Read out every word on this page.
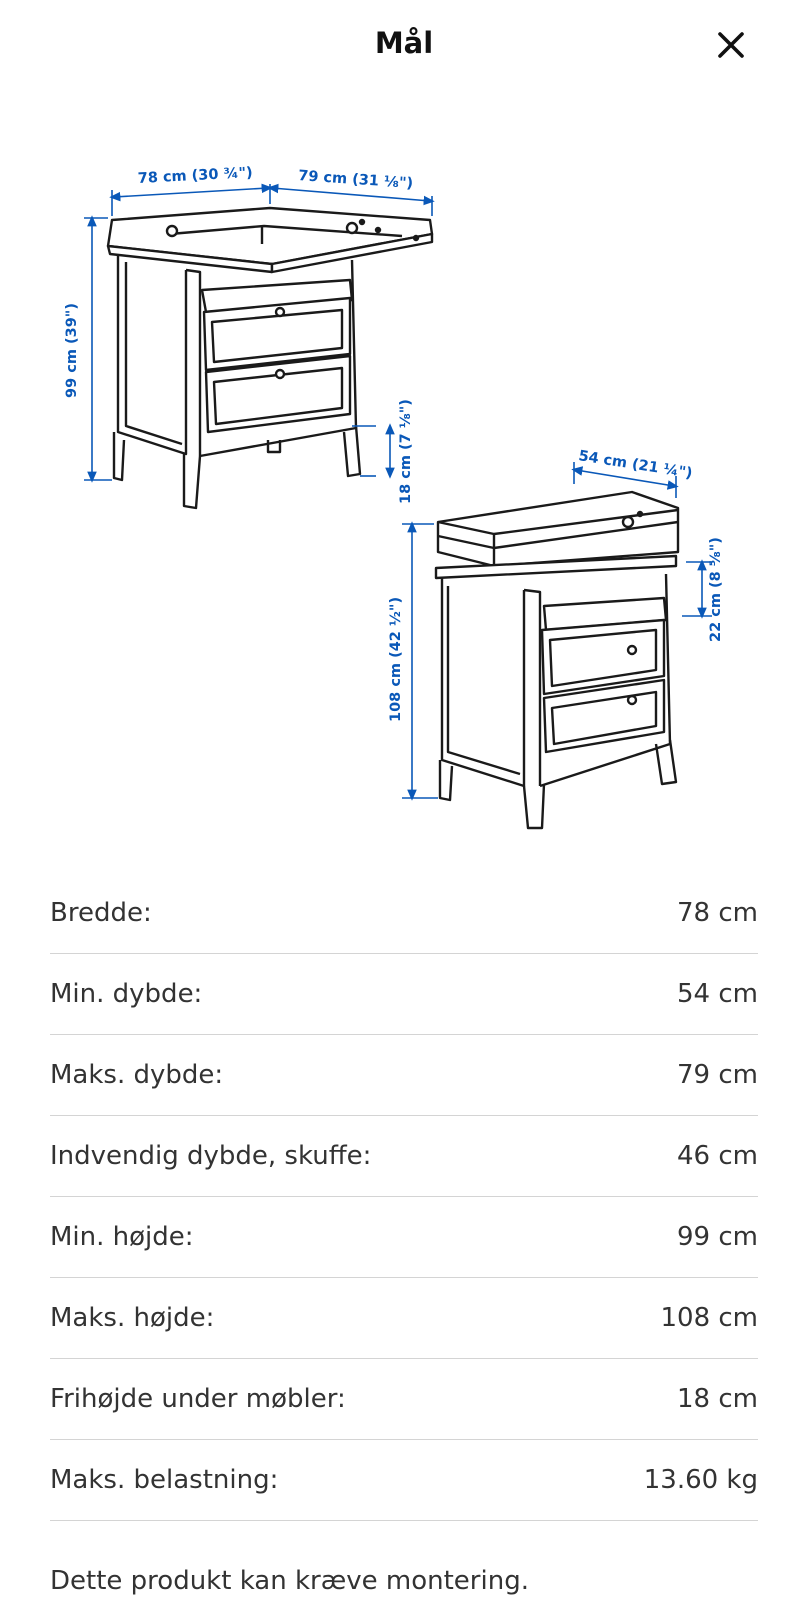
Mål
78 cm (30 ¾")	79 cm (31 ⅛")
99 cm (39")
18 cm (7 ⅛")	54 cm (21 ¼")
108 cm (42 ½")
22 cm (8 ⅝")
Bredde:	78 cm
Min. dybde:	54 cm
Maks. dybde:	79 cm
Indvendig dybde, skuffe:	46 cm
Min. højde:	99 cm
Maks. højde:	108 cm
Frihøjde under møbler:	18 cm
Maks. belastning:	13.60 kg
Dette produkt kan kræve montering.
